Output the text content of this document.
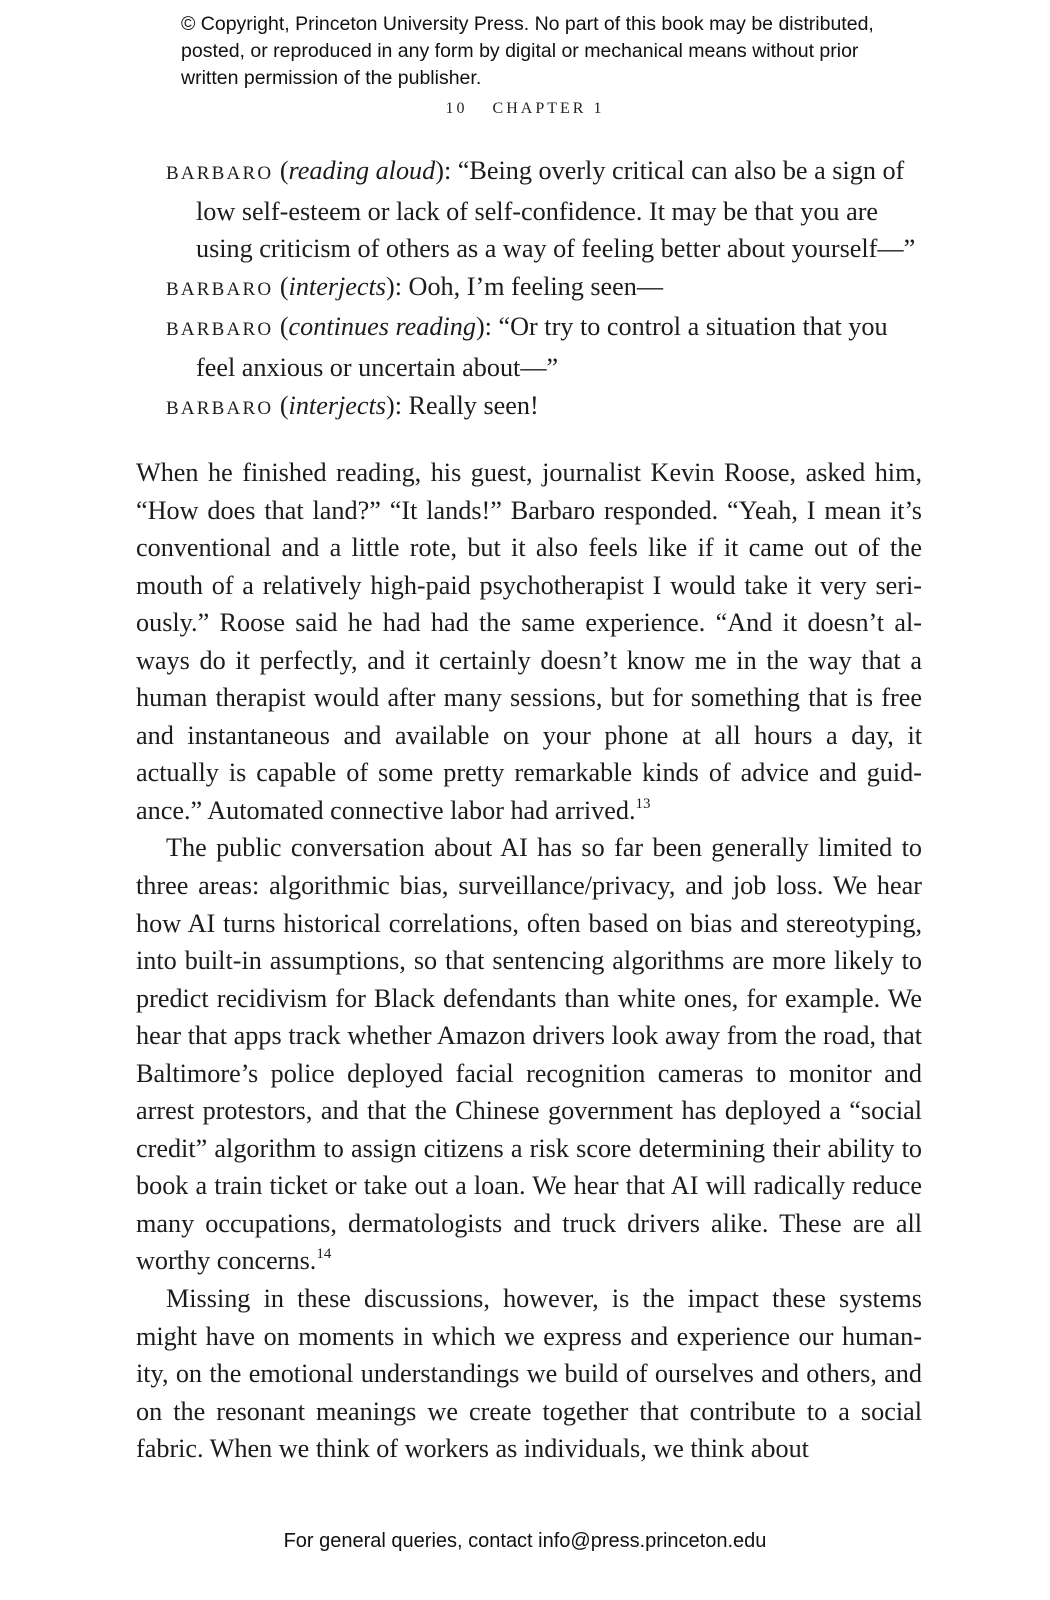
© Copyright, Princeton University Press. No part of this book may be distributed, posted, or reproduced in any form by digital or mechanical means without prior written permission of the publisher.
10 CHAPTER 1

BARBARO (reading aloud): “Being overly critical can also be a sign of low self-esteem or lack of self-confidence. It may be that you are using criticism of others as a way of feeling better about yourself—”

BARBARO (interjects): Ooh, I’m feeling seen—

BARBARO (continues reading): “Or try to control a situation that you feel anxious or uncertain about—”

BARBARO (interjects): Really seen!

When he finished reading, his guest, journalist Kevin Roose, asked him, “How does that land?” “It lands!” Barbaro responded. “Yeah, I mean it’s conventional and a little rote, but it also feels like if it came out of the mouth of a relatively high-paid psychotherapist I would take it very seriously.” Roose said he had had the same experience. “And it doesn’t always do it perfectly, and it certainly doesn’t know me in the way that a human therapist would after many sessions, but for something that is free and instantaneous and available on your phone at all hours a day, it actually is capable of some pretty remarkable kinds of advice and guidance.” Automated connective labor had arrived.$^{13}$

The public conversation about AI has so far been generally limited to three areas: algorithmic bias, surveillance/privacy, and job loss. We hear how AI turns historical correlations, often based on bias and stereotyping, into built-in assumptions, so that sentencing algorithms are more likely to predict recidivism for Black defendants than white ones, for example. We hear that apps track whether Amazon drivers look away from the road, that Baltimore’s police deployed facial recognition cameras to monitor and arrest protestors, and that the Chinese government has deployed a “social credit” algorithm to assign citizens a risk score determining their ability to book a train ticket or take out a loan. We hear that AI will radically reduce many occupations, dermatologists and truck drivers alike. These are all worthy concerns.$^{14}$

Missing in these discussions, however, is the impact these systems might have on moments in which we express and experience our humanity, on the emotional understandings we build of ourselves and others, and on the resonant meanings we create together that contribute to a social fabric. When we think of workers as individuals, we think about

For general queries, contact info@press.princeton.edu
